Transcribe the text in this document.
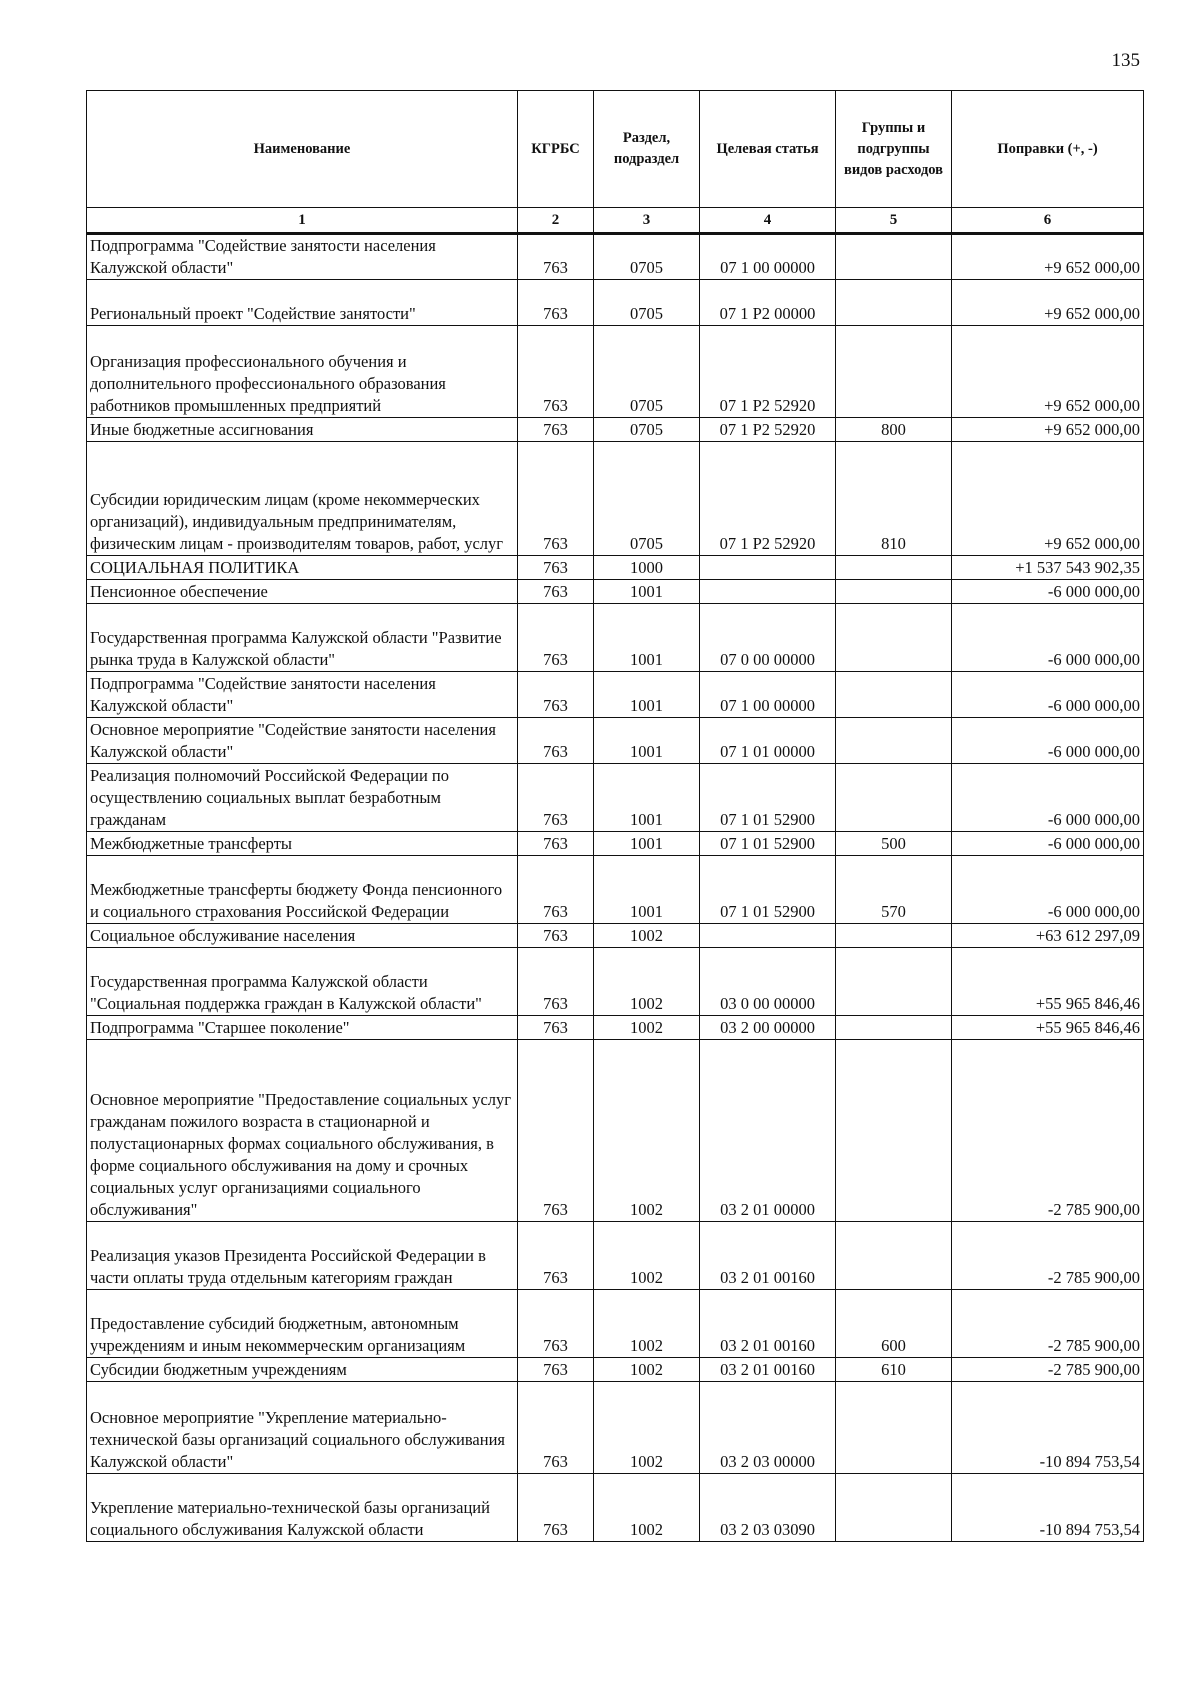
135
Наименование	КГРБС	Раздел, подраздел	Целевая статья	Группы и подгруппы видов расходов	Поправки (+, -)
1	2	3	4	5	6
Подпрограмма "Содействие занятости населения Калужской области"	763	0705	07 1 00 00000		+9 652 000,00
Региональный проект "Содействие занятости"	763	0705	07 1 P2 00000		+9 652 000,00
Организация профессионального обучения и дополнительного профессионального образования работников промышленных предприятий	763	0705	07 1 P2 52920		+9 652 000,00
Иные бюджетные ассигнования	763	0705	07 1 P2 52920	800	+9 652 000,00
Субсидии юридическим лицам (кроме некоммерческих организаций), индивидуальным предпринимателям, физическим лицам - производителям товаров, работ, услуг	763	0705	07 1 P2 52920	810	+9 652 000,00
СОЦИАЛЬНАЯ ПОЛИТИКА	763	1000			+1 537 543 902,35
Пенсионное обеспечение	763	1001			-6 000 000,00
Государственная программа Калужской области "Развитие рынка труда в Калужской области"	763	1001	07 0 00 00000		-6 000 000,00
Подпрограмма "Содействие занятости населения Калужской области"	763	1001	07 1 00 00000		-6 000 000,00
Основное мероприятие "Содействие занятости населения Калужской области"	763	1001	07 1 01 00000		-6 000 000,00
Реализация полномочий Российской Федерации по осуществлению социальных выплат безработным гражданам	763	1001	07 1 01 52900		-6 000 000,00
Межбюджетные трансферты	763	1001	07 1 01 52900	500	-6 000 000,00
Межбюджетные трансферты бюджету Фонда пенсионного и социального страхования Российской Федерации	763	1001	07 1 01 52900	570	-6 000 000,00
Социальное обслуживание населения	763	1002			+63 612 297,09
Государственная программа Калужской области "Социальная поддержка граждан в Калужской области"	763	1002	03 0 00 00000		+55 965 846,46
Подпрограмма "Старшее поколение"	763	1002	03 2 00 00000		+55 965 846,46
Основное мероприятие "Предоставление социальных услуг гражданам пожилого возраста в стационарной и полустационарных формах социального обслуживания, в форме социального обслуживания на дому и срочных социальных услуг организациями социального обслуживания"	763	1002	03 2 01 00000		-2 785 900,00
Реализация указов Президента Российской Федерации в части оплаты труда отдельным категориям граждан	763	1002	03 2 01 00160		-2 785 900,00
Предоставление субсидий бюджетным, автономным учреждениям и иным некоммерческим организациям	763	1002	03 2 01 00160	600	-2 785 900,00
Субсидии бюджетным учреждениям	763	1002	03 2 01 00160	610	-2 785 900,00
Основное мероприятие "Укрепление материально-технической базы организаций социального обслуживания Калужской области"	763	1002	03 2 03 00000		-10 894 753,54
Укрепление материально-технической базы организаций социального обслуживания Калужской области	763	1002	03 2 03 03090		-10 894 753,54
